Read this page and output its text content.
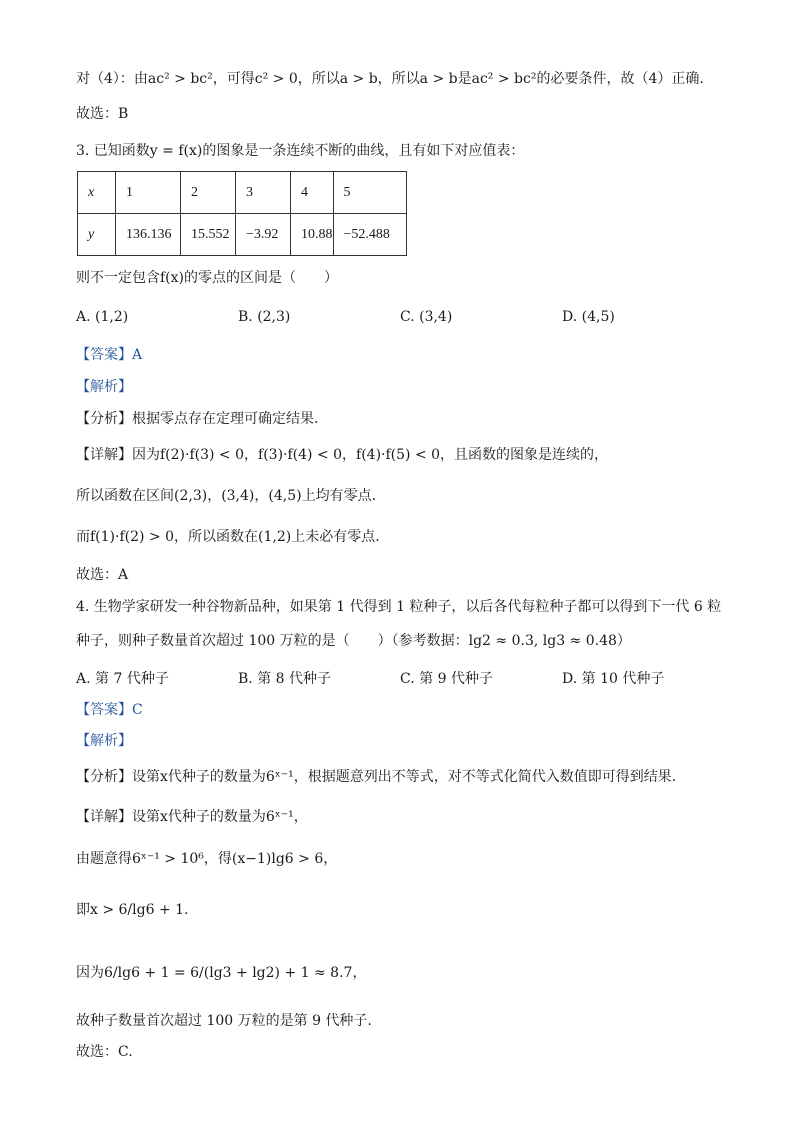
对（4）：由ac² > bc²，可得c² > 0，所以a > b，所以a > b是ac² > bc²的必要条件，故（4）正确.
故选：B
3. 已知函数y = f(x)的图象是一条连续不断的曲线，且有如下对应值表：
x	1	2	3	4	5
y	136.136	15.552	−3.92	10.88	−52.488
则不一定包含f(x)的零点的区间是（　　）
A. (1,2)	B. (2,3)	C. (3,4)	D. (4,5)
【答案】A
【解析】
【分析】根据零点存在定理可确定结果.
【详解】因为f(2)·f(3) < 0，f(3)·f(4) < 0，f(4)·f(5) < 0，且函数的图象是连续的，
所以函数在区间(2,3)，(3,4)，(4,5)上均有零点.
而f(1)·f(2) > 0，所以函数在(1,2)上未必有零点.
故选：A
4. 生物学家研发一种谷物新品种，如果第 1 代得到 1 粒种子，以后各代每粒种子都可以得到下一代 6 粒
种子，则种子数量首次超过 100 万粒的是（　　）（参考数据：lg2 ≈ 0.3, lg3 ≈ 0.48）
A. 第 7 代种子	B. 第 8 代种子	C. 第 9 代种子	D. 第 10 代种子
【答案】C
【解析】
【分析】设第x代种子的数量为6ˣ⁻¹，根据题意列出不等式，对不等式化简代入数值即可得到结果.
【详解】设第x代种子的数量为6ˣ⁻¹，
由题意得6ˣ⁻¹ > 10⁶，得(x−1)lg6 > 6，
即x > 6/lg6 + 1.
因为6/lg6 + 1 = 6/(lg3 + lg2) + 1 ≈ 8.7，
故种子数量首次超过 100 万粒的是第 9 代种子.
故选：C.
